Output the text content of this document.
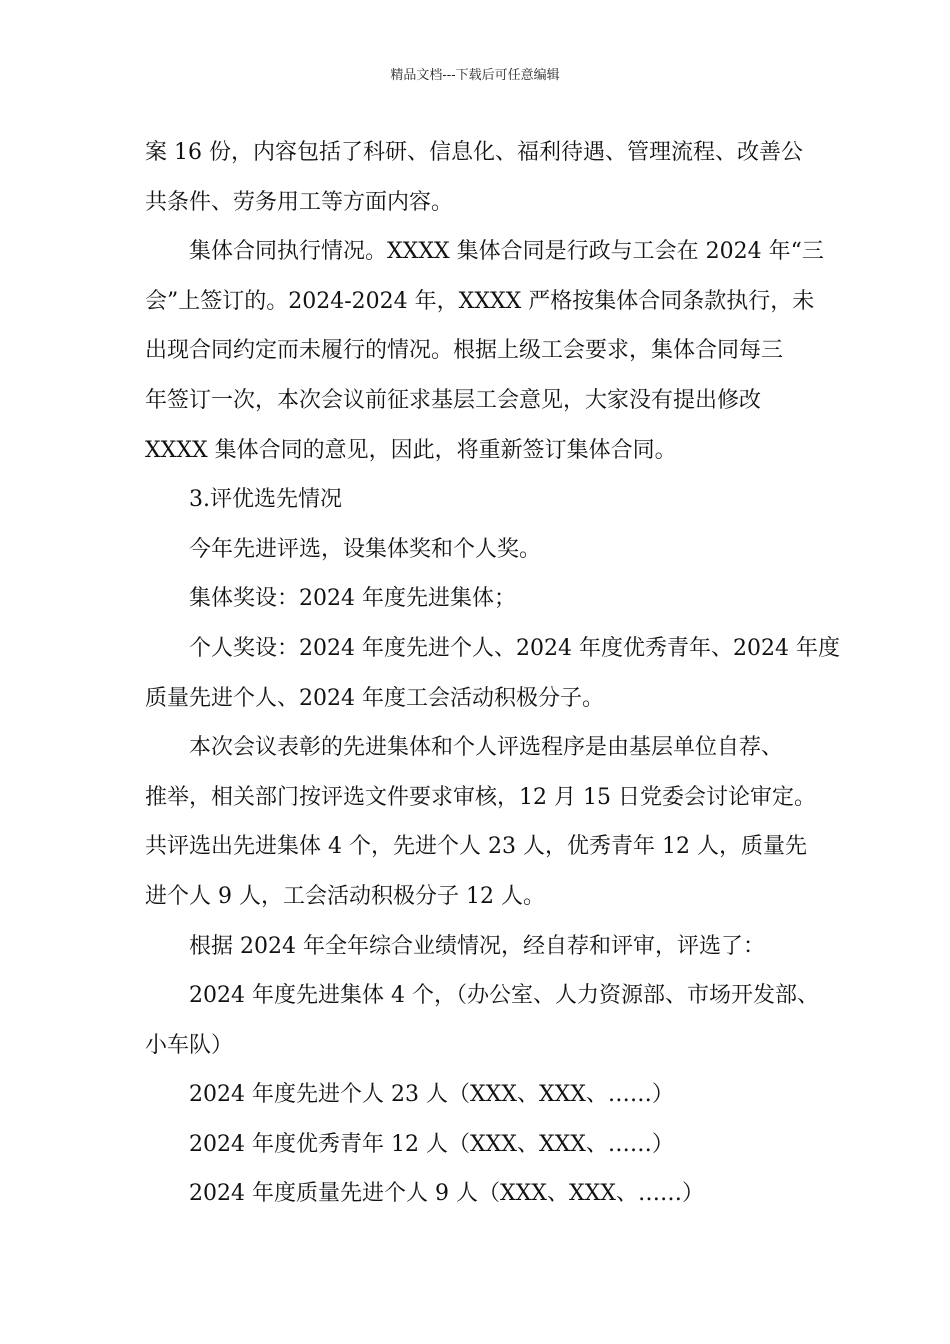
精品文档---下载后可任意编辑
案 16 份，内容包括了科研、信息化、福利待遇、管理流程、改善公
共条件、劳务用工等方面内容。
集体合同执行情况。XXXX 集体合同是行政与工会在 2024 年“三
会”上签订的。2024-2024 年，XXXX 严格按集体合同条款执行，未
出现合同约定而未履行的情况。根据上级工会要求，集体合同每三
年签订一次，本次会议前征求基层工会意见，大家没有提出修改
XXXX 集体合同的意见，因此，将重新签订集体合同。
3.评优选先情况
今年先进评选，设集体奖和个人奖。
集体奖设：2024 年度先进集体；
个人奖设：2024 年度先进个人、2024 年度优秀青年、2024 年度
质量先进个人、2024 年度工会活动积极分子。
本次会议表彰的先进集体和个人评选程序是由基层单位自荐、
推举，相关部门按评选文件要求审核，12 月 15 日党委会讨论审定。
共评选出先进集体 4 个，先进个人 23 人，优秀青年 12 人，质量先
进个人 9 人，工会活动积极分子 12 人。
根据 2024 年全年综合业绩情况，经自荐和评审，评选了：
2024 年度先进集体 4 个，（办公室、人力资源部、市场开发部、
小车队）
2024 年度先进个人 23 人（XXX、XXX、……）
2024 年度优秀青年 12 人（XXX、XXX、……）
2024 年度质量先进个人 9 人（XXX、XXX、……）
